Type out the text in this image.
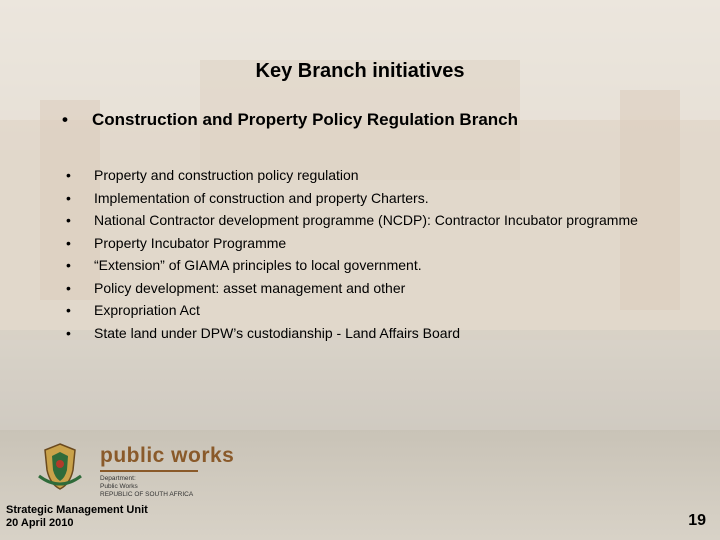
Key Branch initiatives
• Construction and Property Policy Regulation Branch
• Property and construction policy regulation
• Implementation of construction and property Charters.
• National Contractor development programme (NCDP): Contractor Incubator programme
• Property Incubator Programme
• “Extension” of GIAMA principles to local government.
• Policy development: asset management and other
• Expropriation Act
• State land under DPW’s custodianship - Land Affairs Board
public works
Department:
Public Works
REPUBLIC OF SOUTH AFRICA
Strategic Management Unit
20 April 2010	19
